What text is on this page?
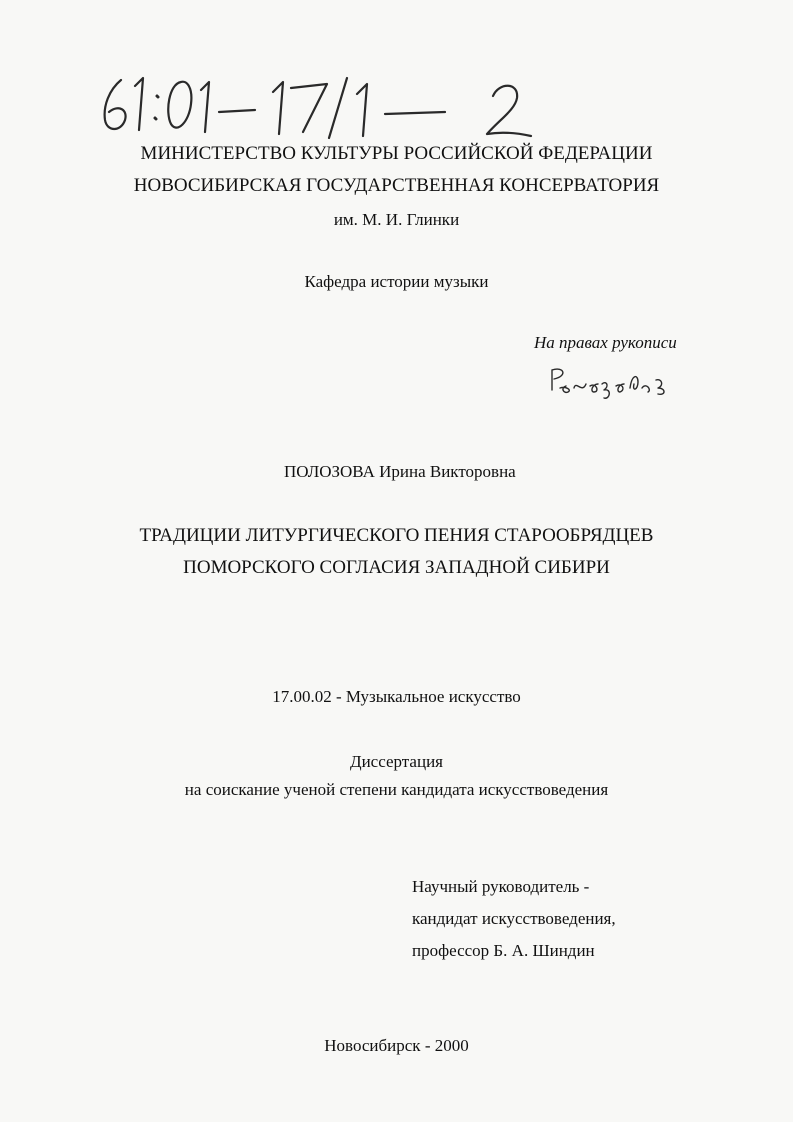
МИНИСТЕРСТВО КУЛЬТУРЫ РОССИЙСКОЙ ФЕДЕРАЦИИ
НОВОСИБИРСКАЯ ГОСУДАРСТВЕННАЯ КОНСЕРВАТОРИЯ
им. М. И. Глинки
Кафедра истории музыки
На правах рукописи
ПОЛОЗОВА Ирина Викторовна
ТРАДИЦИИ ЛИТУРГИЧЕСКОГО ПЕНИЯ СТАРООБРЯДЦЕВ
ПОМОРСКОГО СОГЛАСИЯ ЗАПАДНОЙ СИБИРИ
17.00.02 - Музыкальное искусство
Диссертация
на соискание ученой степени кандидата искусствоведения
Научный руководитель -
кандидат искусствоведения,
профессор Б. А. Шиндин
Новосибирск - 2000
